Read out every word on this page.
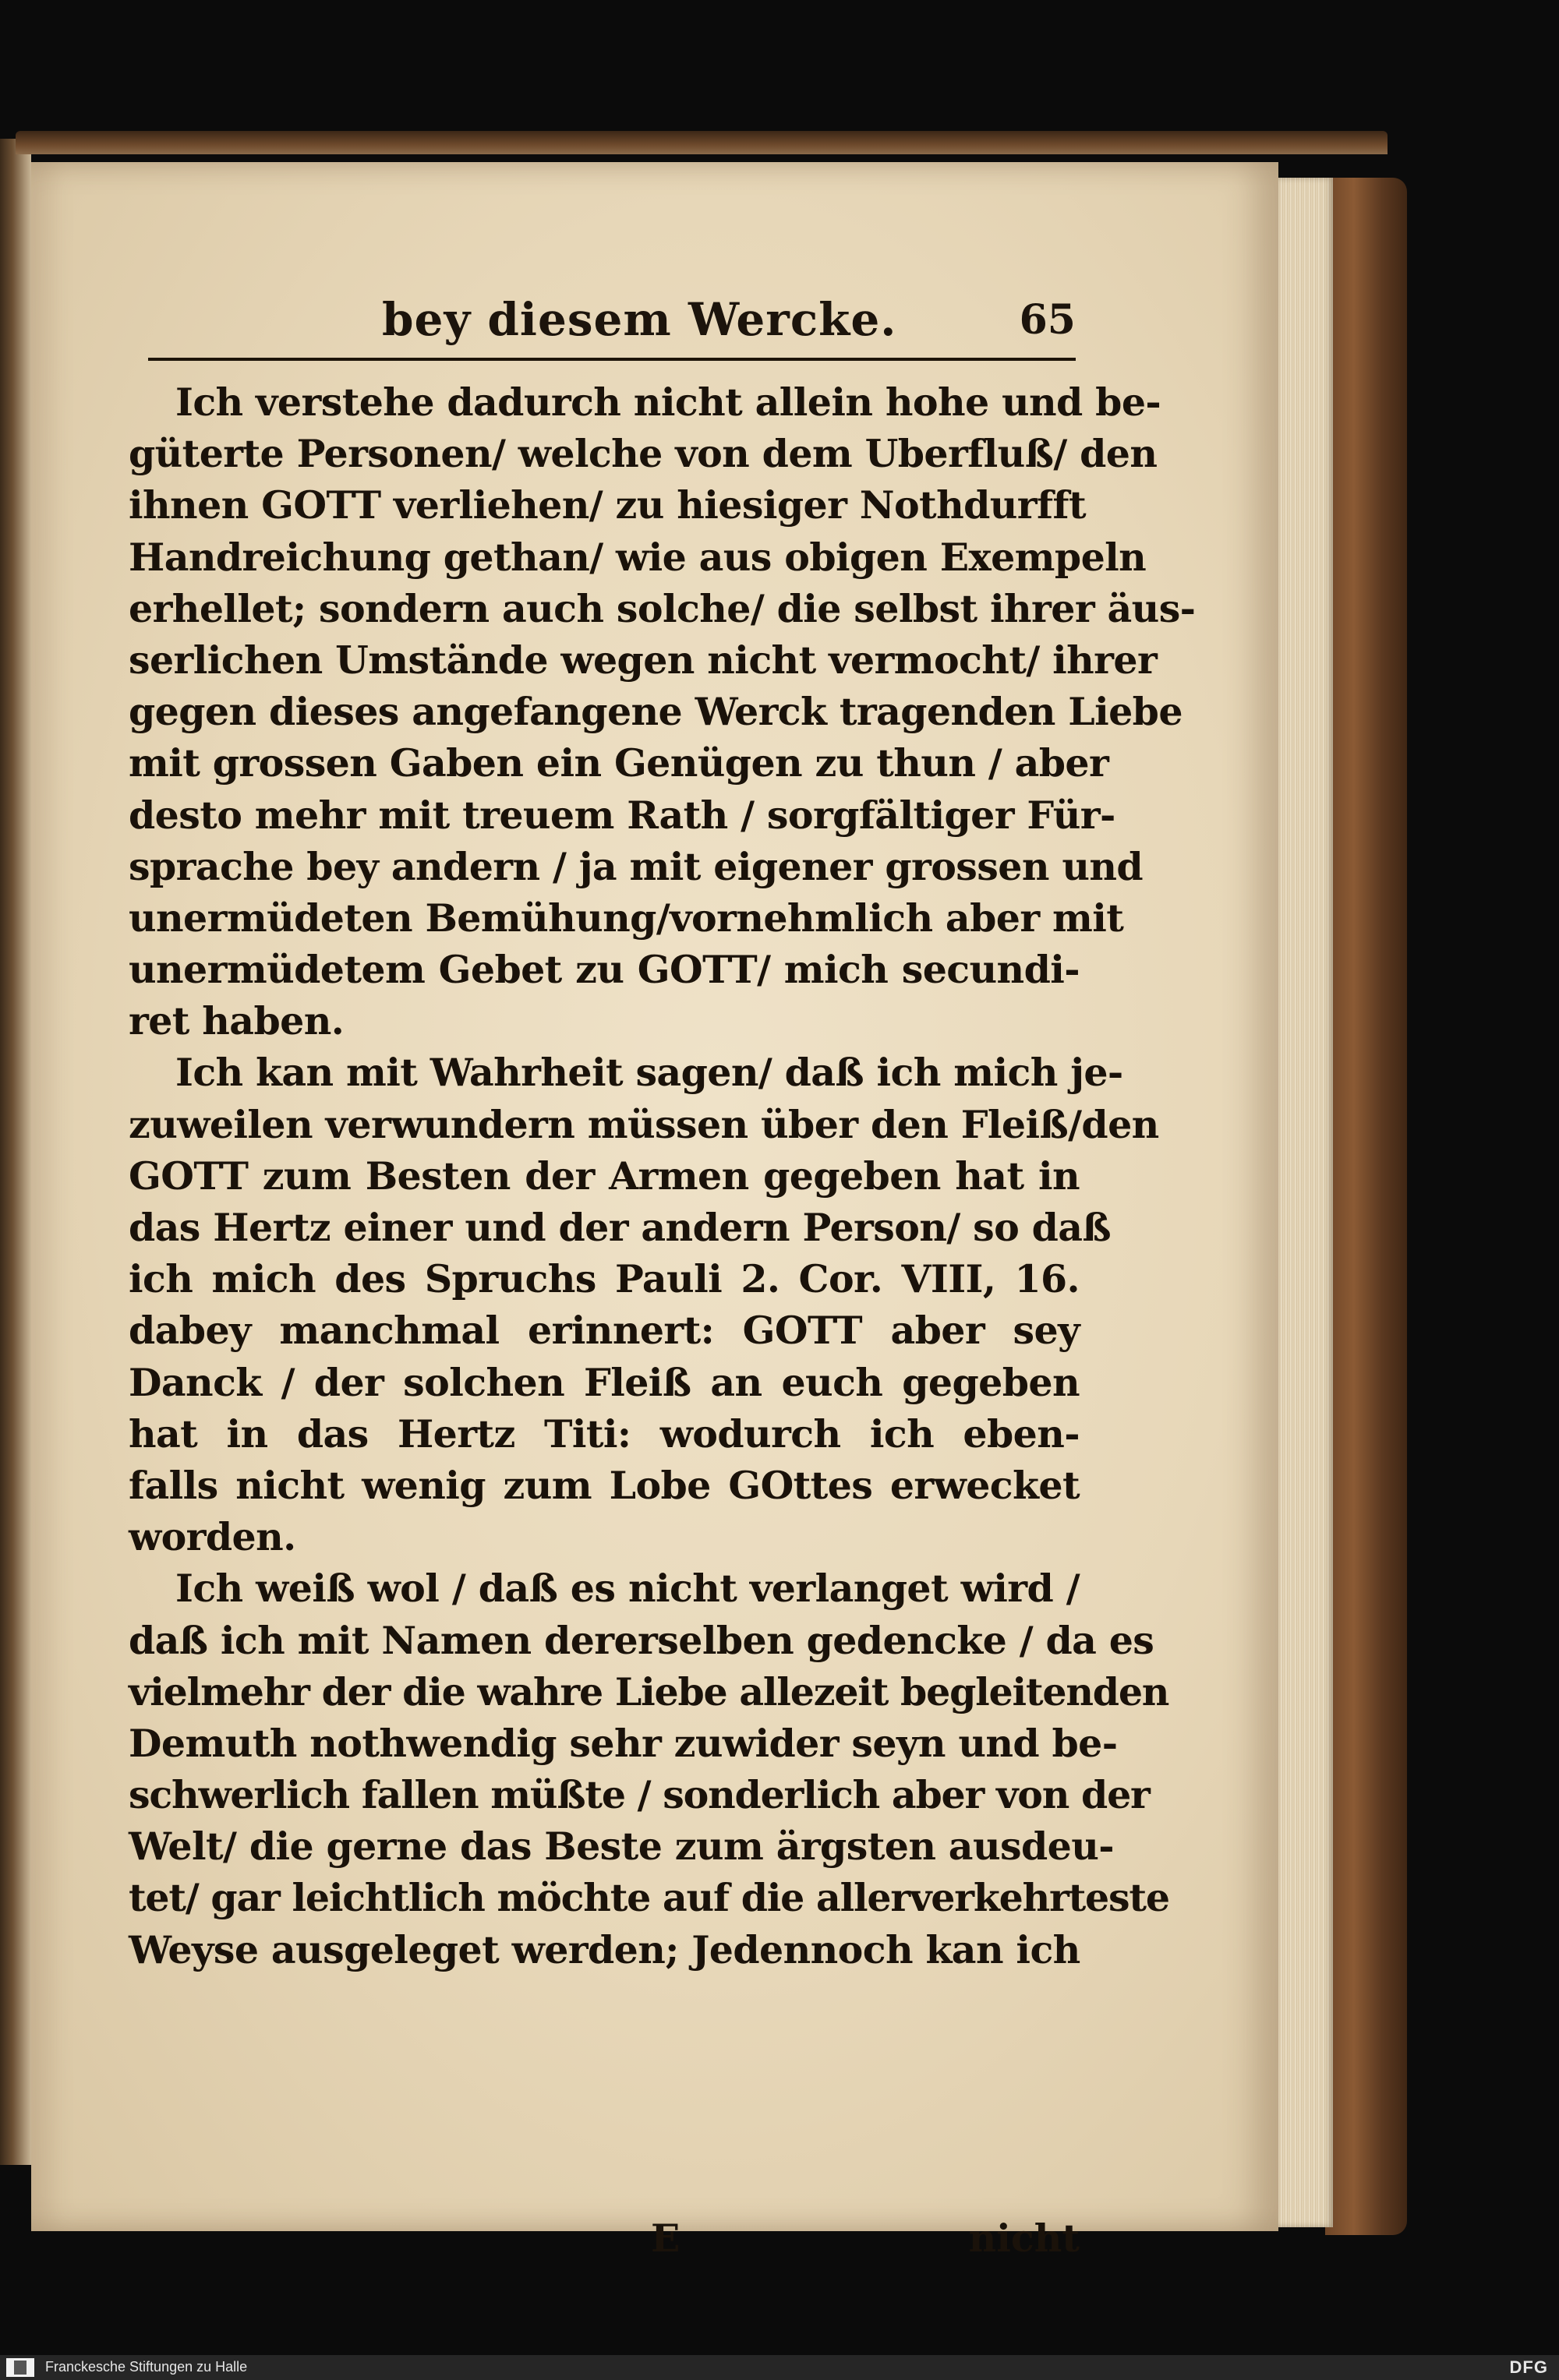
bey diesem Wercke.	65
Ich verstehe dadurch nicht allein hohe und be-
güterte Personen/ welche von dem Uberfluß/ den
ihnen GOTT verliehen/ zu hiesiger Nothdurfft
Handreichung gethan/ wie aus obigen Exempeln
erhellet; sondern auch solche/ die selbst ihrer äus-
serlichen Umstände wegen nicht vermocht/ ihrer
gegen dieses angefangene Werck tragenden Liebe
mit grossen Gaben ein Genügen zu thun / aber
desto mehr mit treuem Rath / sorgfältiger Für-
sprache bey andern / ja mit eigener grossen und
unermüdeten Bemühung/vornehmlich aber mit
unermüdetem Gebet zu GOTT/ mich secundi-
ret haben.
Ich kan mit Wahrheit sagen/ daß ich mich je-
zuweilen verwundern müssen über den Fleiß/den
GOTT zum Besten der Armen gegeben hat in
das Hertz einer und der andern Person/ so daß
ich mich des Spruchs Pauli 2. Cor. VIII, 16.
dabey manchmal erinnert: GOTT aber sey
Danck / der solchen Fleiß an euch gegeben
hat in das Hertz Titi: wodurch ich eben-
falls nicht wenig zum Lobe GOttes erwecket
worden.
Ich weiß wol / daß es nicht verlanget wird /
daß ich mit Namen dererselben gedencke / da es
vielmehr der die wahre Liebe allezeit begleitenden
Demuth nothwendig sehr zuwider seyn und be-
schwerlich fallen müßte / sonderlich aber von der
Welt/ die gerne das Beste zum ärgsten ausdeu-
tet/ gar leichtlich möchte auf die allerverkehrteste
Weyse ausgeleget werden; Jedennoch kan ich
E	nicht
Franckesche Stiftungen zu Halle	DFG
